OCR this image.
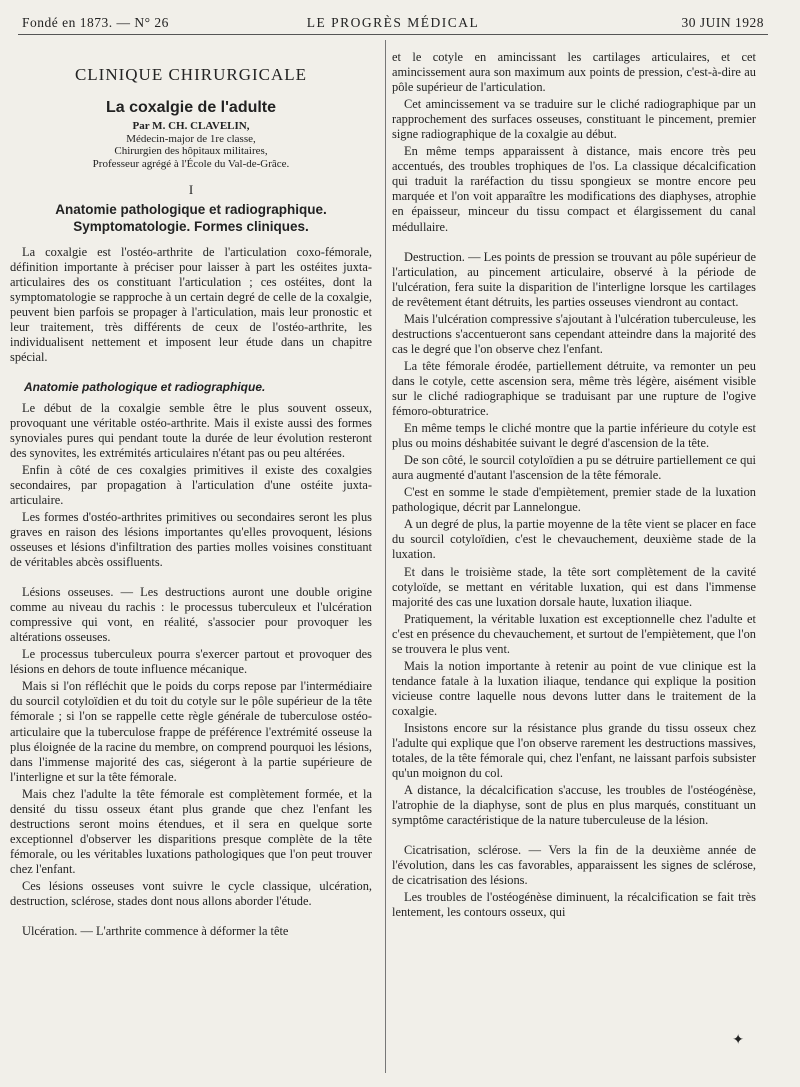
Fondé en 1873. — N° 26	LE PROGRÈS MÉDICAL	30 JUIN 1928
CLINIQUE CHIRURGICALE
La coxalgie de l'adulte
Par M. CH. CLAVELIN,
Médecin-major de 1re classe,
Chirurgien des hôpitaux militaires,
Professeur agrégé à l'École du Val-de-Grâce.
I
Anatomie pathologique et radiographique.
Symptomatologie. Formes cliniques.

La coxalgie est l'ostéo-arthrite de l'articulation coxo-fémorale, définition importante à préciser pour laisser à part les ostéites juxta-articulaires des os constituant l'articulation ; ces ostéites, dont la symptomatologie se rapproche à un certain degré de celle de la coxalgie, peuvent bien parfois se propager à l'articulation, mais leur pronostic et leur traitement, très différents de ceux de l'ostéo-arthrite, les individualisent nettement et imposent leur étude dans un chapitre spécial.

Anatomie pathologique et radiographique.

Le début de la coxalgie semble être le plus souvent osseux, provoquant une véritable ostéo-arthrite. Mais il existe aussi des formes synoviales pures qui pendant toute la durée de leur évolution resteront des synovites, les extrémités articulaires n'étant pas ou peu altérées.

Enfin à côté de ces coxalgies primitives il existe des coxalgies secondaires, par propagation à l'articulation d'une ostéite juxta-articulaire.

Les formes d'ostéo-arthrites primitives ou secondaires seront les plus graves en raison des lésions importantes qu'elles provoquent, lésions osseuses et lésions d'infiltration des parties molles voisines constituant de véritables abcès ossifluents.

Lésions osseuses. — Les destructions auront une double origine comme au niveau du rachis : le processus tuberculeux et l'ulcération compressive qui vont, en réalité, s'associer pour provoquer les altérations osseuses.

Le processus tuberculeux pourra s'exercer partout et provoquer des lésions en dehors de toute influence mécanique.

Mais si l'on réfléchit que le poids du corps repose par l'intermédiaire du sourcil cotyloïdien et du toit du cotyle sur le pôle supérieur de la tête fémorale ; si l'on se rappelle cette règle générale de tuberculose ostéo-articulaire que la tuberculose frappe de préférence l'extrémité osseuse la plus éloignée de la racine du membre, on comprend pourquoi les lésions, dans l'immense majorité des cas, siégeront à la partie supérieure de l'interligne et sur la tête fémorale.

Mais chez l'adulte la tête fémorale est complètement formée, et la densité du tissu osseux étant plus grande que chez l'enfant les destructions seront moins étendues, et il sera en quelque sorte exceptionnel d'observer les disparitions presque complète de la tête fémorale, ou les véritables luxations pathologiques que l'on peut trouver chez l'enfant.

Ces lésions osseuses vont suivre le cycle classique, ulcération, destruction, sclérose, stades dont nous allons aborder l'étude.

Ulcération. — L'arthrite commence à déformer la tête

et le cotyle en amincissant les cartilages articulaires, et cet amincissement aura son maximum aux points de pression, c'est-à-dire au pôle supérieur de l'articulation.

Cet amincissement va se traduire sur le cliché radiographique par un rapprochement des surfaces osseuses, constituant le pincement, premier signe radiographique de la coxalgie au début.

En même temps apparaissent à distance, mais encore très peu accentués, des troubles trophiques de l'os. La classique décalcification qui traduit la raréfaction du tissu spongieux se montre encore peu marquée et l'on voit apparaître les modifications des diaphyses, atrophie en épaisseur, minceur du tissu compact et élargissement du canal médullaire.

Destruction. — Les points de pression se trouvant au pôle supérieur de l'articulation, au pincement articulaire, observé à la période de l'ulcération, fera suite la disparition de l'interligne lorsque les cartilages de revêtement étant détruits, les parties osseuses viendront au contact.

Mais l'ulcération compressive s'ajoutant à l'ulcération tuberculeuse, les destructions s'accentueront sans cependant atteindre dans la majorité des cas le degré que l'on observe chez l'enfant.

La tête fémorale érodée, partiellement détruite, va remonter un peu dans le cotyle, cette ascension sera, même très légère, aisément visible sur le cliché radiographique se traduisant par une rupture de l'ogive fémoro-obturatrice.

En même temps le cliché montre que la partie inférieure du cotyle est plus ou moins déshabitée suivant le degré d'ascension de la tête.

De son côté, le sourcil cotyloïdien a pu se détruire partiellement ce qui aura augmenté d'autant l'ascension de la tête fémorale.

C'est en somme le stade d'empiètement, premier stade de la luxation pathologique, décrit par Lannelongue.

A un degré de plus, la partie moyenne de la tête vient se placer en face du sourcil cotyloïdien, c'est le chevauchement, deuxième stade de la luxation.

Et dans le troisième stade, la tête sort complètement de la cavité cotyloïde, se mettant en véritable luxation, qui est dans l'immense majorité des cas une luxation dorsale haute, luxation iliaque.

Pratiquement, la véritable luxation est exceptionnelle chez l'adulte et c'est en présence du chevauchement, et surtout de l'empiètement, que l'on se trouvera le plus vent.

Mais la notion importante à retenir au point de vue clinique est la tendance fatale à la luxation iliaque, tendance qui explique la position vicieuse contre laquelle nous devons lutter dans le traitement de la coxalgie.

Insistons encore sur la résistance plus grande du tissu osseux chez l'adulte qui explique que l'on observe rarement les destructions massives, totales, de la tête fémorale qui, chez l'enfant, ne laissant parfois subsister qu'un moignon du col.

A distance, la décalcification s'accuse, les troubles de l'ostéogénèse, l'atrophie de la diaphyse, sont de plus en plus marqués, constituant un symptôme caractéristique de la nature tuberculeuse de la lésion.

Cicatrisation, sclérose. — Vers la fin de la deuxième année de l'évolution, dans les cas favorables, apparaissent les signes de sclérose, de cicatrisation des lésions.

Les troubles de l'ostéogénèse diminuent, la récalcification se fait très lentement, les contours osseux, qui

✦
